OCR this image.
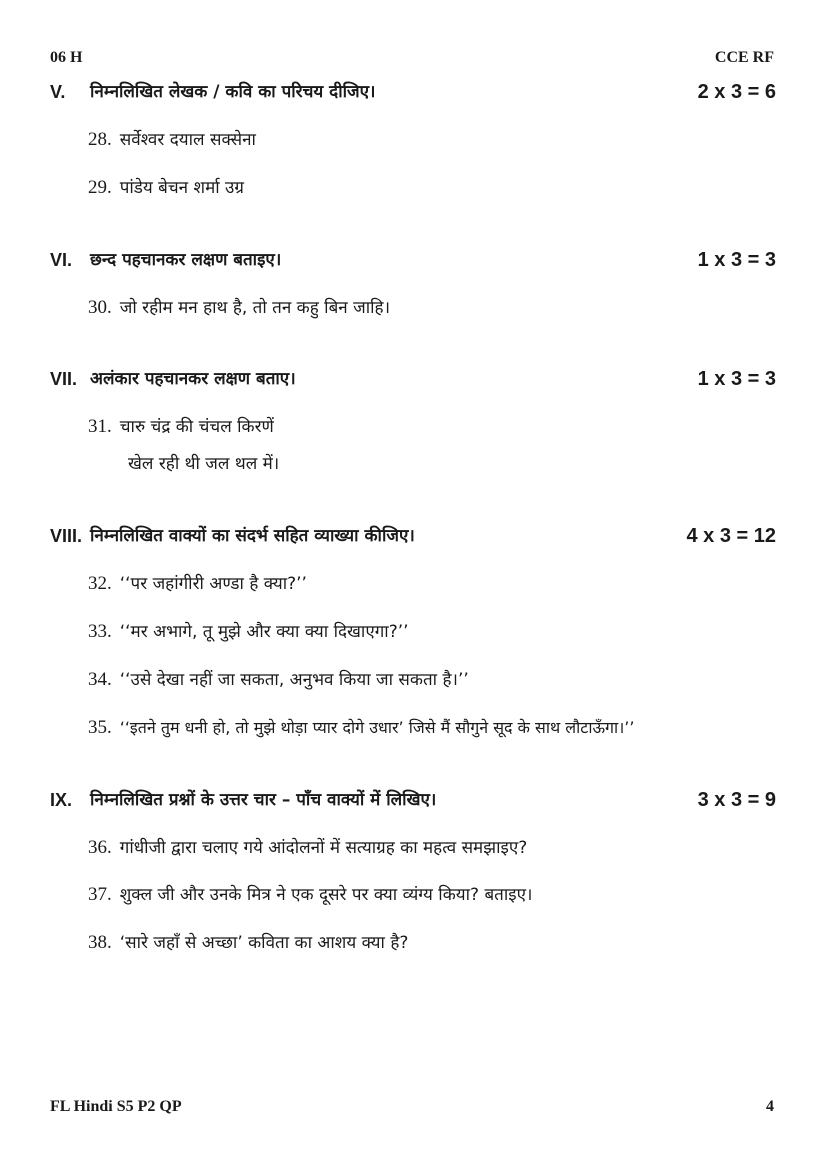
06 H	CCE RF
V. निम्नलिखित लेखक / कवि का परिचय दीजिए।	2 x 3 = 6
28. सर्वेश्वर दयाल सक्सेना
29. पांडेय बेचन शर्मा उग्र
VI. छन्द पहचानकर लक्षण बताइए।	1 x 3 = 3
30. जो रहीम मन हाथ है, तो तन कहु बिन जाहि।
VII. अलंकार पहचानकर लक्षण बताए।	1 x 3 = 3
31. चारु चंद्र की चंचल किरणें
खेल रही थी जल थल में।
VIII. निम्नलिखित वाक्यों का संदर्भ सहित व्याख्या कीजिए।	4 x 3 = 12
32. ‘‘पर जहांगीरी अण्डा है क्या?’’
33. ‘‘मर अभागे, तू मुझे और क्या क्या दिखाएगा?’’
34. ‘‘उसे देखा नहीं जा सकता, अनुभव किया जा सकता है।’’
35. ‘‘इतने तुम धनी हो, तो मुझे थोड़ा प्यार दोगे उधार’ जिसे मैं सौगुने सूद के साथ लौटाऊँगा।’’
IX. निम्नलिखित प्रश्नों के उत्तर चार – पाँच वाक्यों में लिखिए।	3 x 3 = 9
36. गांधीजी द्वारा चलाए गये आंदोलनों में सत्याग्रह का महत्व समझाइए?
37. शुक्ल जी और उनके मित्र ने एक दूसरे पर क्या व्यंग्य किया? बताइए।
38. ‘सारे जहाँ से अच्छा’ कविता का आशय क्या है?
FL Hindi S5 P2 QP	4
